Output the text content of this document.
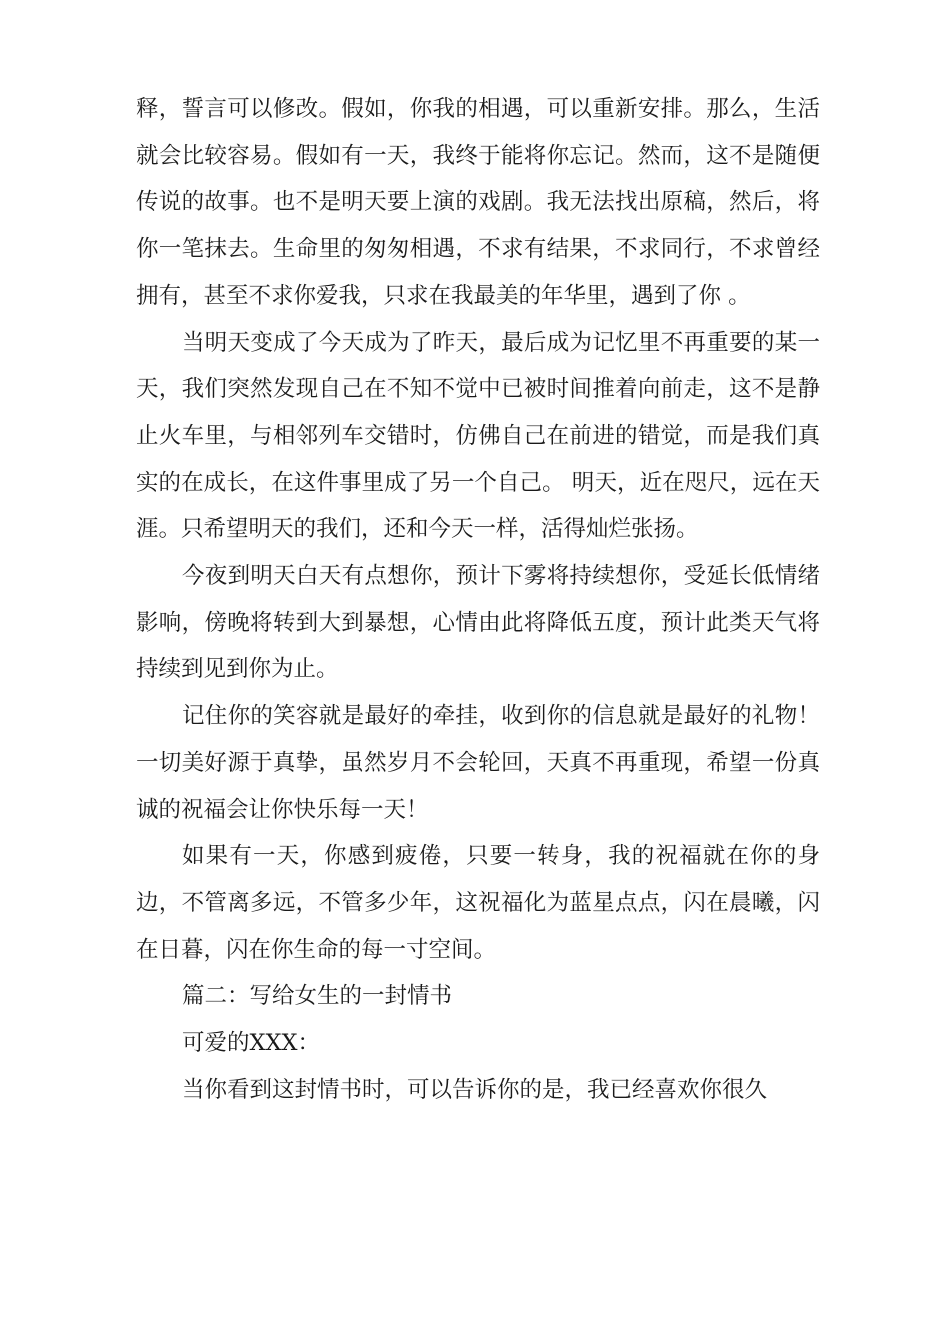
释，誓言可以修改。假如，你我的相遇，可以重新安排。那么，生活就会比较容易。假如有一天，我终于能将你忘记。然而，这不是随便传说的故事。也不是明天要上演的戏剧。我无法找出原稿，然后，将你一笔抹去。生命里的匆匆相遇，不求有结果，不求同行，不求曾经拥有，甚至不求你爱我，只求在我最美的年华里，遇到了你 。

当明天变成了今天成为了昨天，最后成为记忆里不再重要的某一天，我们突然发现自己在不知不觉中已被时间推着向前走，这不是静止火车里，与相邻列车交错时，仿佛自己在前进的错觉，而是我们真实的在成长，在这件事里成了另一个自己。 明天，近在咫尺，远在天涯。只希望明天的我们，还和今天一样，活得灿烂张扬。

今夜到明天白天有点想你，预计下雾将持续想你，受延长低情绪影响，傍晚将转到大到暴想，心情由此将降低五度，预计此类天气将持续到见到你为止。

记住你的笑容就是最好的牵挂，收到你的信息就是最好的礼物！一切美好源于真挚，虽然岁月不会轮回，天真不再重现，希望一份真诚的祝福会让你快乐每一天！

如果有一天，你感到疲倦，只要一转身，我的祝福就在你的身边，不管离多远，不管多少年，这祝福化为蓝星点点，闪在晨曦，闪在日暮，闪在你生命的每一寸空间。

篇二：写给女生的一封情书

可爱的XXX：

当你看到这封情书时，可以告诉你的是，我已经喜欢你很久
